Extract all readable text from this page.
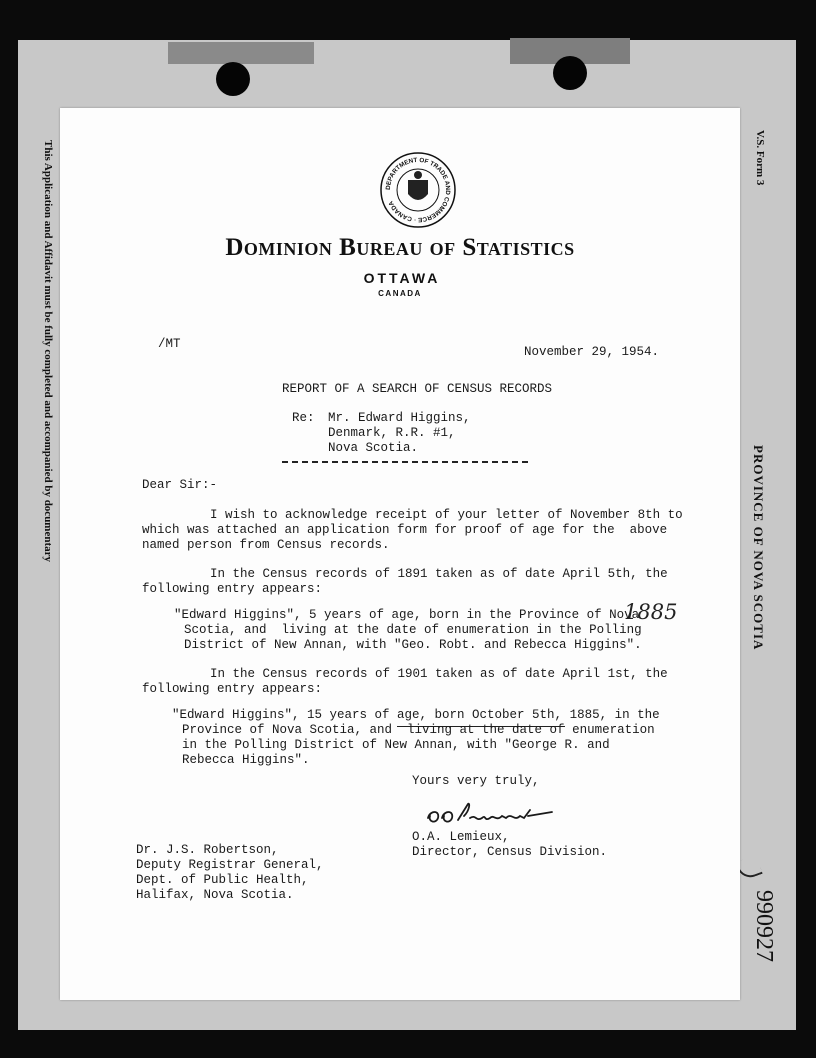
This Application and Affidavit must be fully completed and accompanied by documentary	V.S. Form 3
PROVINCE OF NOVA SCOTIA
990927
DEPARTMENT OF TRADE AND COMMERCE · CANADA
Dominion Bureau of Statistics
OTTAWA
CANADA
/MT
November 29, 1954.
REPORT OF A SEARCH OF CENSUS RECORDS
Re: Mr. Edward Higgins,
Denmark, R.R. #1,
Nova Scotia.
Dear Sir:-
I wish to acknowledge receipt of your letter of November 8th to
which was attached an application form for proof of age for the  above
named person from Census records.
In the Census records of 1891 taken as of date April 5th, the
following entry appears:
"Edward Higgins", 5 years of age, born in the Province of Nova
Scotia, and  living at the date of enumeration in the Polling
District of New Annan, with "Geo. Robt. and Rebecca Higgins".
1885
In the Census records of 1901 taken as of date April 1st, the
following entry appears:
"Edward Higgins", 15 years of age, born October 5th, 1885, in the
Province of Nova Scotia, and  living at the date of enumeration
in the Polling District of New Annan, with "George R. and
Rebecca Higgins".
Yours very truly,
O.A. Lemieux,
Director, Census Division.
Dr. J.S. Robertson,
Deputy Registrar General,
Dept. of Public Health,
Halifax, Nova Scotia.
